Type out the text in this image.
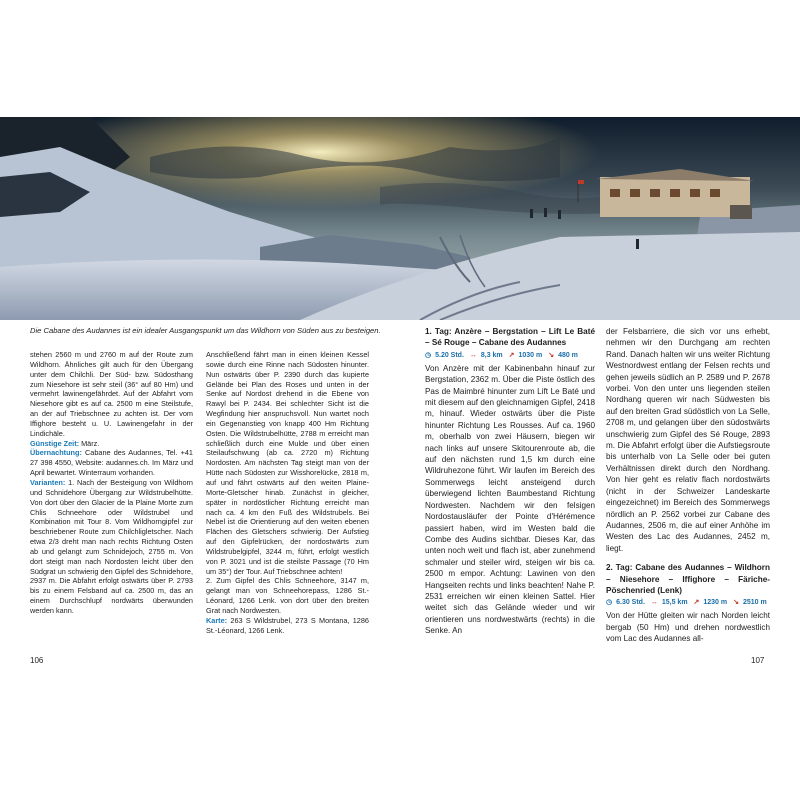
Die Cabane des Audannes ist ein idealer Ausgangspunkt um das Wildhorn von Süden aus zu besteigen.

stehen 2560 m und 2760 m auf der Route zum Wildhorn. Ähnliches gilt auch für den Übergang unter dem Chilchli. Der Süd- bzw. Südosthang zum Niesehore ist sehr steil (36° auf 80 Hm) und vermehrt lawinengefährdet. Auf der Abfahrt vom Niesehore gibt es auf ca. 2500 m eine Steilstufe, an der auf Triebschnee zu achten ist. Der vom Iffighore besteht u. U. Lawinengefahr in der Lindichäle.

Günstige Zeit: März.

Übernachtung: Cabane des Audannes, Tel. +41 27 398 4550, Website: audannes.ch. Im März und April bewartet. Winterraum vorhanden.

Varianten: 1. Nach der Besteigung von Wildhorn und Schnidehore Übergang zur Wildstrubelhütte. Von dort über den Glacier de la Plaine Morte zum Chlis Schneehore oder Wildstrubel und Kombination mit Tour 8. Vom Wildhorngipfel zur beschriebener Route zum Chilchligletscher. Nach etwa 2/3 dreht man nach rechts Richtung Osten ab und gelangt zum Schnidejoch, 2755 m. Von dort steigt man nach Nordosten leicht über den Südgrat un schwierig den Gipfel des Schnidehore, 2937 m. Die Abfahrt erfolgt ostwärts über P. 2793 bis zu einem Felsband auf ca. 2500 m, das an einem Durchschlupf nordwärts überwunden werden kann.

Anschließend fährt man in einen kleinen Kessel sowie durch eine Rinne nach Südosten hinunter. Nun ostwärts über P. 2390 durch das kupierte Gelände bei Plan des Roses und unten in der Senke auf Nordost drehend in die Ebene von Rawyl bei P. 2434. Bei schlechter Sicht ist die Wegfindung hier anspruchsvoll. Nun wartet noch ein Gegenanstieg von knapp 400 Hm Richtung Osten. Die Wildstrubelhütte, 2788 m erreicht man schließlich durch eine Mulde und über einen Steilaufschwung (ab ca. 2720 m) Richtung Nordosten. Am nächsten Tag steigt man von der Hütte nach Südosten zur Wisshorelücke, 2818 m, auf und fährt ostwärts auf den weiten Plaine-Morte-Gletscher hinab. Zunächst in gleicher, später in nordöstlicher Richtung erreicht man nach ca. 4 km den Fuß des Wildstrubels. Bei Nebel ist die Orientierung auf den weiten ebenen Flächen des Gletschers schwierig. Der Aufstieg auf den Gipfelrücken, der nordostwärts zum Wildstrubelgipfel, 3244 m, führt, erfolgt westlich von P. 3021 und ist die steilste Passage (70 Hm um 35°) der Tour. Auf Triebschnee achten!
2. Zum Gipfel des Chlis Schneehore, 3147 m, gelangt man von Schneehorepass, 1286 St.-Léonard, 1266 Lenk. von dort über den breiten Grat nach Nordwesten.

Karte: 263 S Wildstrubel, 273 S Montana, 1286 St.-Léonard, 1266 Lenk.

106

1. Tag: Anzère – Bergstation – Lift Le Baté – Sé Rouge – Cabane des Audannes

◷ 5.20 Std. ↔ 8,3 km ↗ 1030 m ↘ 480 m

Von Anzère mit der Kabinenbahn hinauf zur Bergstation, 2362 m. Über die Piste östlich des Pas de Maimbré hinunter zum Lift Le Baté und mit diesem auf den gleichnamigen Gipfel, 2418 m, hinauf. Wieder ostwärts über die Piste hinunter Richtung Les Rousses. Auf ca. 1960 m, oberhalb von zwei Häusern, biegen wir nach links auf unsere Skitourenroute ab, die auf den nächsten rund 1,5 km durch eine Wildruhezone führt. Wir laufen im Bereich des Sommerwegs leicht ansteigend durch überwiegend lichten Baumbestand Richtung Nordwesten. Nachdem wir den felsigen Nordostausläufer der Pointe d'Hérémence passiert haben, wird im Westen bald die Combe des Audins sichtbar. Dieses Kar, das unten noch weit und flach ist, aber zunehmend schmaler und steiler wird, steigen wir bis ca. 2500 m empor. Achtung: Lawinen von den Hangseiten rechts und links beachten! Nahe P. 2531 erreichen wir einen kleinen Sattel. Hier weitet sich das Gelände wieder und wir orientieren uns nordwestwärts (rechts) in die Senke. An

der Felsbarriere, die sich vor uns erhebt, nehmen wir den Durchgang am rechten Rand. Danach halten wir uns weiter Richtung Westnordwest entlang der Felsen rechts und gehen jeweils südlich an P. 2589 und P. 2678 vorbei. Von den unter uns liegenden steilen Nordhang queren wir nach Südwesten bis auf den breiten Grad südöstlich von La Selle, 2708 m, und gelangen über den südostwärts unschwierig zum Gipfel des Sé Rouge, 2893 m. Die Abfahrt erfolgt über die Aufstiegsroute bis unterhalb von La Selle oder bei guten Verhältnissen direkt durch den Nordhang. Von hier geht es relativ flach nordostwärts (nicht in der Schweizer Landeskarte eingezeichnet) im Bereich des Sommerwegs nördlich an P. 2562 vorbei zur Cabane des Audannes, 2506 m, die auf einer Anhöhe im Westen des Lac des Audannes, 2452 m, liegt.

2. Tag: Cabane des Audannes – Wildhorn – Niesehore – Iffighore – Färiche-Pöschenried (Lenk)

◷ 6.30 Std. ↔ 15,5 km ↗ 1230 m ↘ 2510 m

Von der Hütte gleiten wir nach Norden leicht bergab (50 Hm) und drehen nordwestlich vom Lac des Audannes all-

107
